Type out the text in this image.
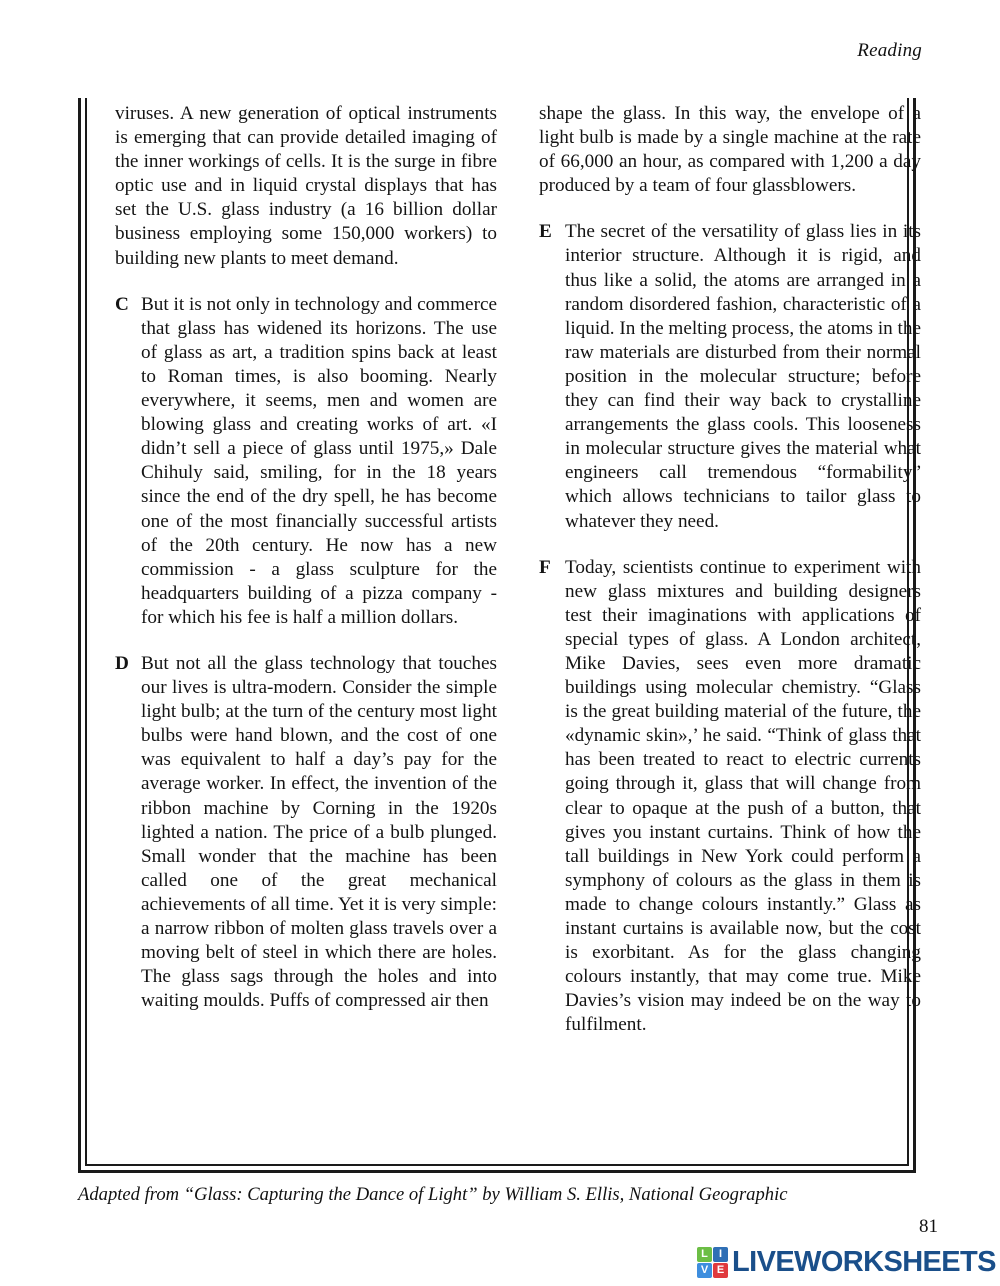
Reading

viruses. A new generation of optical instruments is emerging that can provide detailed imaging of the inner workings of cells. It is the surge in fibre optic use and in liquid crystal displays that has set the U.S. glass industry (a 16 billion dollar business employing some 150,000 workers) to building new plants to meet demand.

C But it is not only in technology and commerce that glass has widened its horizons. The use of glass as art, a tradition spins back at least to Roman times, is also booming. Nearly everywhere, it seems, men and women are blowing glass and creating works of art. «I didn’t sell a piece of glass until 1975,» Dale Chihuly said, smiling, for in the 18 years since the end of the dry spell, he has become one of the most financially successful artists of the 20th century. He now has a new commission - a glass sculpture for the headquarters building of a pizza company - for which his fee is half a million dollars.

D But not all the glass technology that touches our lives is ultra-modern. Consider the simple light bulb; at the turn of the century most light bulbs were hand blown, and the cost of one was equivalent to half a day’s pay for the average worker. In effect, the invention of the ribbon machine by Corning in the 1920s lighted a nation. The price of a bulb plunged. Small wonder that the machine has been called one of the great mechanical achievements of all time. Yet it is very simple: a narrow ribbon of molten glass travels over a moving belt of steel in which there are holes. The glass sags through the holes and into waiting moulds. Puffs of compressed air then

shape the glass. In this way, the envelope of a light bulb is made by a single machine at the rate of 66,000 an hour, as compared with 1,200 a day produced by a team of four glassblowers.

E The secret of the versatility of glass lies in its interior structure. Although it is rigid, and thus like a solid, the atoms are arranged in a random disordered fashion, characteristic of a liquid. In the melting process, the atoms in the raw materials are disturbed from their normal position in the molecular structure; before they can find their way back to crystalline arrangements the glass cools. This looseness in molecular structure gives the material what engineers call tremendous “formability” which allows technicians to tailor glass to whatever they need.

F Today, scientists continue to experiment with new glass mixtures and building designers test their imaginations with applications of special types of glass. A London architect, Mike Davies, sees even more dramatic buildings using molecular chemistry. “Glass is the great building material of the future, the «dynamic skin»,’ he said. “Think of glass that has been treated to react to electric currents going through it, glass that will change from clear to opaque at the push of a button, that gives you instant curtains. Think of how the tall buildings in New York could perform a symphony of colours as the glass in them is made to change colours instantly.” Glass as instant curtains is available now, but the cost is exorbitant. As for the glass changing colours instantly, that may come true. Mike Davies’s vision may indeed be on the way to fulfilment.

Adapted from “Glass: Capturing the Dance of Light” by William S. Ellis, National Geographic
81
L	I
V E LIVEWORKSHEETS
